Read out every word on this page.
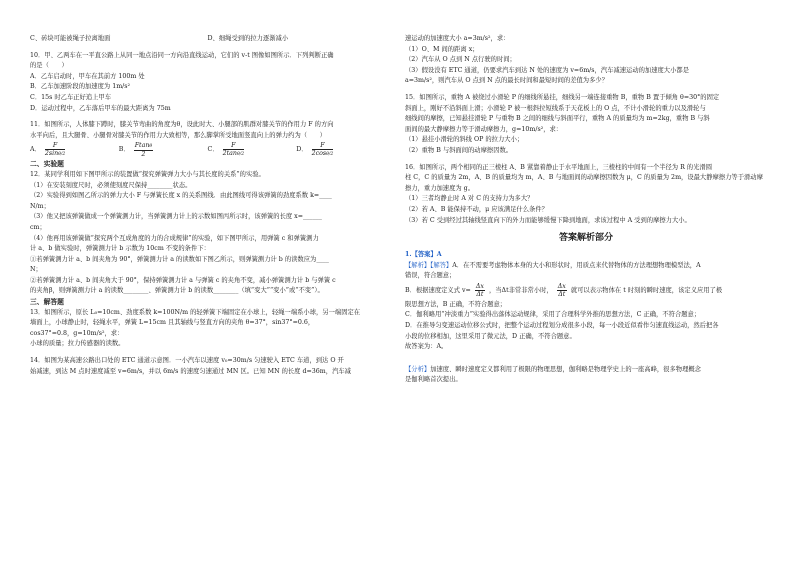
C、砖块可能被绳子拉离地面	D、细绳受到的拉力逐渐减小
10．甲、乙两车在一平直公路上从同一地点沿同一方向沿直线运动，它们的 v-t 图像如图所示．下列判断正确
的是（　　）
A．乙车启动时，甲车在其前方 100m 处
B．乙车加速阶段的加速度为 1m/s²
C．15s 时乙车正好追上甲车
D．运动过程中，乙车落后甲车的最大距离为 75m
11．如图所示，人体膝下蹲时，膝关节弯曲的角度为θ，设此时大、小腿部的肌群对膝关节的作用力 F 的方向
水平向后，且大腿骨、小腿骨对膝关节的作用力大致相等，那么脚掌所受地面竖直向上的弹力约为（　　）
A． $\frac{F}{2\sin\theta/2}$	B． $\frac{Ftan\theta}{2}$	C． $\frac{F}{2\tan\theta/2}$	D． $\frac{F}{2\cos\theta/2}$
二、实验题
12．某同学利用如下图甲所示的装置做“探究弹簧弹力大小与其长度的关系”的实验。
（1）在安装刻度尺时，必须使刻度尺保持________状态。
（2）实验得到如图乙所示的弹力大小 F 与弹簧长度 x 的关系图线．由此图线可得该弹簧的劲度系数 k=____
N/m；
（3）他又把该弹簧做成一个弹簧测力计，当弹簧测力计上的示数如图丙所示时，该弹簧的长度 x=______
cm；
（4）他再用该弹簧做“探究两个互成角度的力的合成规律”的实验，如下图甲所示，用弹簧 c 和弹簧测力
计 a、b 做实验时，弹簧测力计 b 示数为 10cm 不变的条件下：
①若弹簧测力计 a、b 间夹角为 90°，弹簧测力计 a 的读数如下图乙所示，则弹簧测力计 b 的读数应为____
N；
②若弹簧测力计 a、b 间夹角大于 90°，保持弹簧测力计 a 与弹簧 c 的夹角不变，减小弹簧测力计 b 与弹簧 c
的夹角β，则弹簧测力计 a 的读数________、弹簧测力计 b 的读数________（填“变大”“变小”或“不变”）。
三、解答题
13．如图所示，原长 L₀=10cm、劲度系数 k=100N/m 的轻弹簧下端固定在小球上，轻绳一端系小球，另一端固定在
墙面上，小球静止时，轻绳水平，弹簧 L=15cm 且其轴线与竖直方向的夹角 θ=37°，sin37°=0.6，
cos37°=0.8，g=10m/s²，求：
小球的质量；拉力传感器的读数。
14．如图为某高速公路出口处的 ETC 通道示意图．一小汽车以速度 v₀=30m/s 匀速驶入 ETC 车道，到达 O 开
始减速，到达 M 点时速度减至 v=6m/s，并以 6m/s 的速度匀速通过 MN 区。已知 MN 的长度 d=36m，汽车减
速运动的加速度大小 a=3m/s²，求：
（1）O、M 间的距离 x；
（2）汽车从 O 点到 N 点行驶的时间；
（3）假设没有 ETC 通道，仍要求汽车到达 N 处的速度为 v=6m/s，汽车减速运动的加速度大小都是
a=3m/s²，则汽车从 O 点到 N 点的最长时间和最短时间的差值为多少？
15．如图所示，重物 A 被绕过小滑轮 P 的细线所悬挂，细线另一端连接重物 B，重物 B 置于倾角 θ=30°的固定
斜面上，刚好不沿斜面上滑；小滑轮 P 被一根斜拉短线系于天花板上的 O 点，不计小滑轮的重力以及滑轮与
细线间的摩擦，已知悬挂滑轮 P 与重物 B 之间的细线与斜面平行，重物 A 的质量均为 m=2kg，重物 B 与斜
面间的最大静摩擦力等于滑动摩擦力，g=10m/s²，求：
（1）悬挂小滑轮的斜线 OP 的拉力大小；
（2）重物 B 与斜面间的动摩擦因数。
16．如图所示，两个相同的正三棱柱 A、B 紧靠着静止于水平地面上，三棱柱的中间有一个半径为 R 的光滑圆
柱 C，C 的质量为 2m，A、B 的质量均为 m，A、B 与地面间的动摩擦因数为 μ，C 的质量为 2m，设最大静摩擦力等于滑动摩
擦力，重力加速度为 g。
（1）三者均静止时 A 对 C 的支持力为多大？
（2）若 A、B 能保持不动，μ 应该满足什么条件？
（3）若 C 受到经过其轴线竖直向下的外力而能够缓慢下降到地面，求该过程中 A 受到的摩擦力大小。
答案解析部分
1.【答案】A
【解析】【解答】A．在不需要考虑物体本身的大小和形状时，用质点来代替物体的方法理想物理模型法，A
错误，符合题意；
B．根据速度定义式 $v= \frac{\Delta x}{\Delta t}$ ，当Δt非常非常小时， $\frac{\Delta x}{\Delta t}$ 就可以表示物体在 t 时刻的瞬时速度，该定义应用了极
限思想方法，B 正确，不符合题意；
C．伽利略用“冲淡重力”实验得出落体运动规律，采用了合理科学外推的思想方法，C 正确，不符合题意；
D．在推导匀变速运动位移公式时，把整个运动过程划分成很多小段，每一小段近似看作匀速直线运动，然后把各
小段的位移相加，这里采用了微元法，D 正确，不符合题意。
故答案为：A。
【分析】加速度、瞬时速度定义都利用了极限的物理思想，伽利略是物理学史上的一座高峰，很多物理概念
是伽利略首次提出。
